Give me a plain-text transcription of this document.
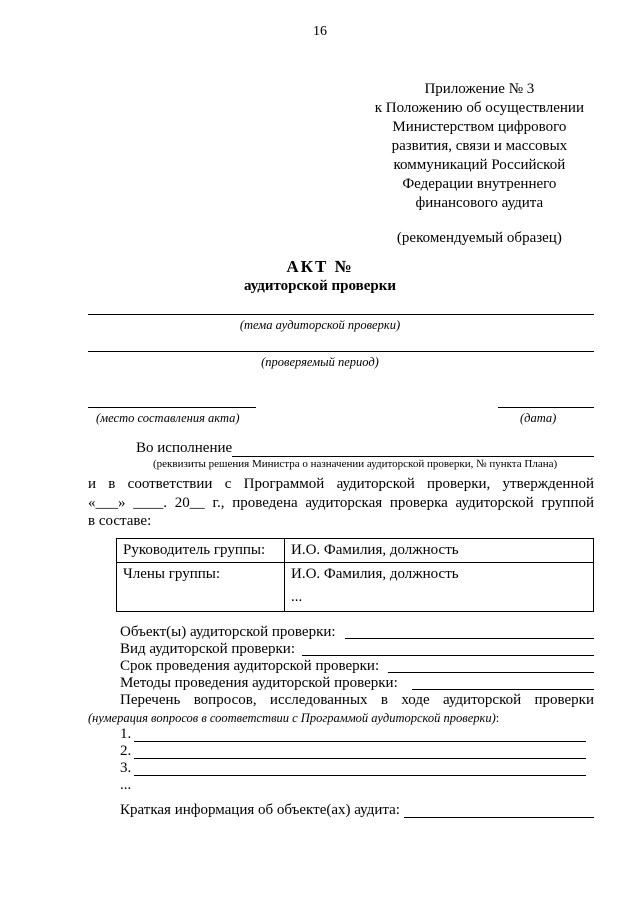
16
Приложение № 3
к Положению об осуществлении
Министерством цифрового
развития, связи и массовых
коммуникаций Российской
Федерации внутреннего
финансового аудита
(рекомендуемый образец)
АКТ №
аудиторской проверки
(тема аудиторской проверки)
(проверяемый период)
(место составления акта)	(дата)
Во исполнение
(реквизиты решения Министра о назначении аудиторской проверки, № пункта Плана)
и в соответствии с Программой аудиторской проверки, утвержденной
«___» ____. 20__ г., проведена аудиторская проверка аудиторской группой
в составе:
Руководитель группы:	И.О. Фамилия, должность
Члены группы:	И.О. Фамилия, должность
...
Объект(ы) аудиторской проверки:
Вид аудиторской проверки:
Срок проведения аудиторской проверки:
Методы проведения аудиторской проверки:
Перечень вопросов, исследованных в ходе аудиторской проверки
(нумерация вопросов в соответствии с Программой аудиторской проверки):
1.
2.
3.
...
Краткая информация об объекте(ах) аудита:
